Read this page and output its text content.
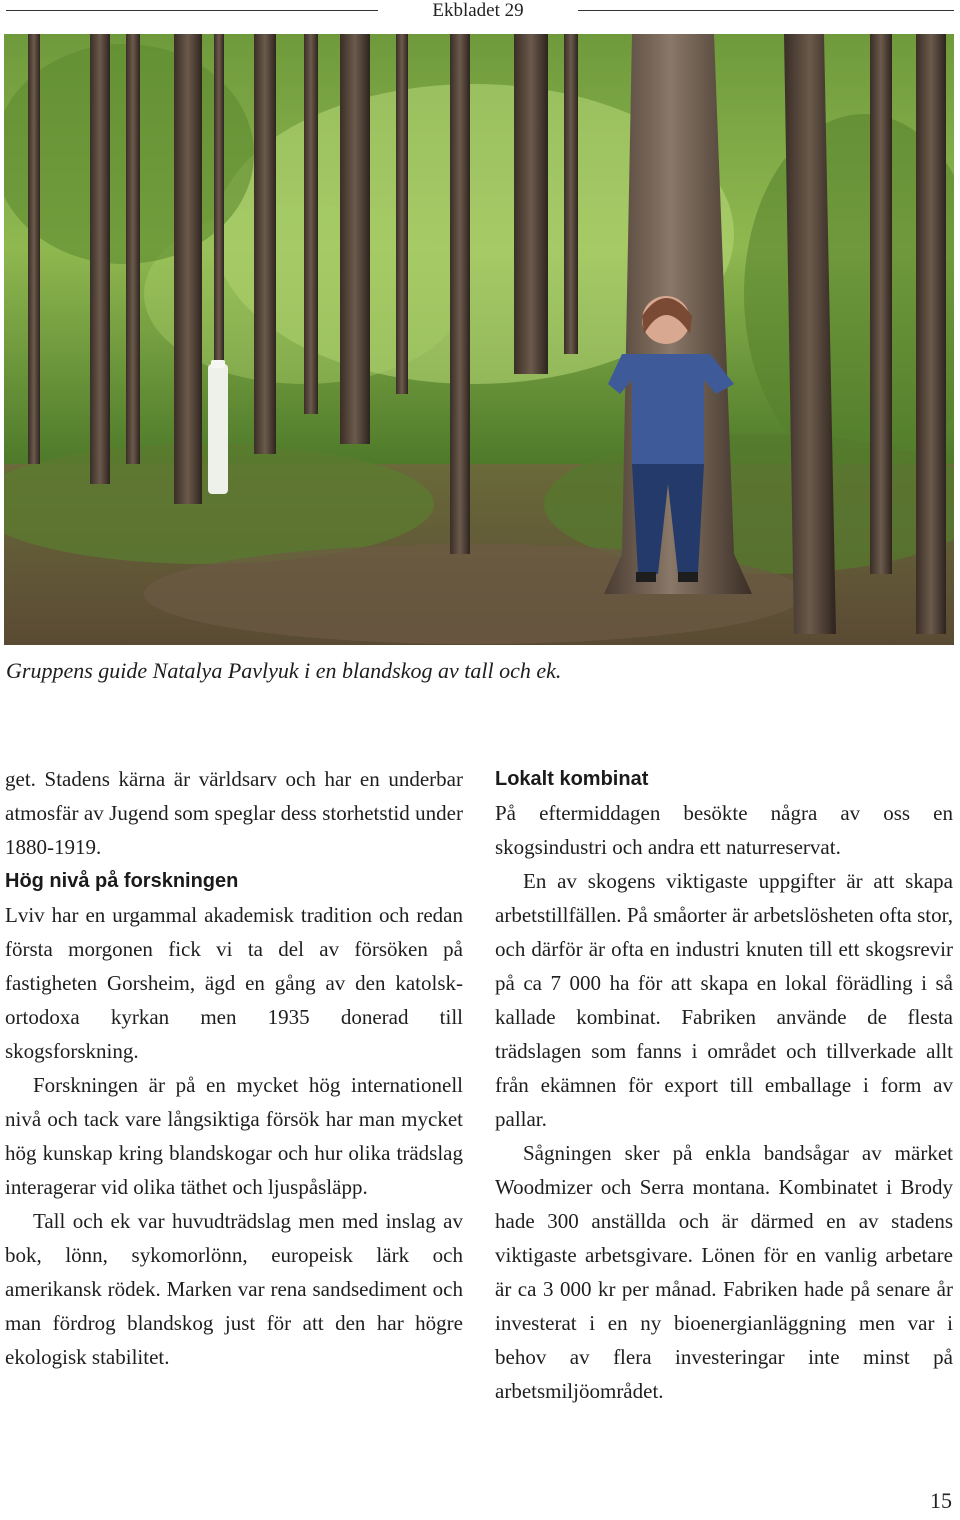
Ekbladet 29
Gruppens guide Natalya Pavlyuk i en blandskog av tall och ek.

get. Stadens kärna är världsarv och har en underbar atmosfär av Jugend som speglar dess storhetstid under 1880-1919.

Hög nivå på forskningen

Lviv har en urgammal akademisk tradition och redan första morgonen fick vi ta del av försöken på fastigheten Gorsheim, ägd en gång av den katolsk-ortodoxa kyrkan men 1935 donerad till skogsforskning.

Forskningen är på en mycket hög internationell nivå och tack vare långsiktiga försök har man mycket hög kunskap kring blandskogar och hur olika trädslag interagerar vid olika täthet och ljuspåsläpp.

Tall och ek var huvudträdslag men med inslag av bok, lönn, sykomorlönn, europeisk lärk och amerikansk rödek. Marken var rena sandsediment och man fördrog blandskog just för att den har högre ekologisk stabilitet.

Lokalt kombinat

På eftermiddagen besökte några av oss en skogsindustri och andra ett naturreservat.

En av skogens viktigaste uppgifter är att skapa arbetstillfällen. På småorter är arbetslösheten ofta stor, och därför är ofta en industri knuten till ett skogsrevir på ca 7 000 ha för att skapa en lokal förädling i så kallade kombinat. Fabriken använde de flesta trädslagen som fanns i området och tillverkade allt från ekämnen för export till emballage i form av pallar.

Sågningen sker på enkla bandsågar av märket Woodmizer och Serra montana. Kombinatet i Brody hade 300 anställda och är därmed en av stadens viktigaste arbetsgivare. Lönen för en vanlig arbetare är ca 3 000 kr per månad. Fabriken hade på senare år investerat i en ny bioenergianläggning men var i behov av flera investeringar inte minst på arbetsmiljöområdet.

15
